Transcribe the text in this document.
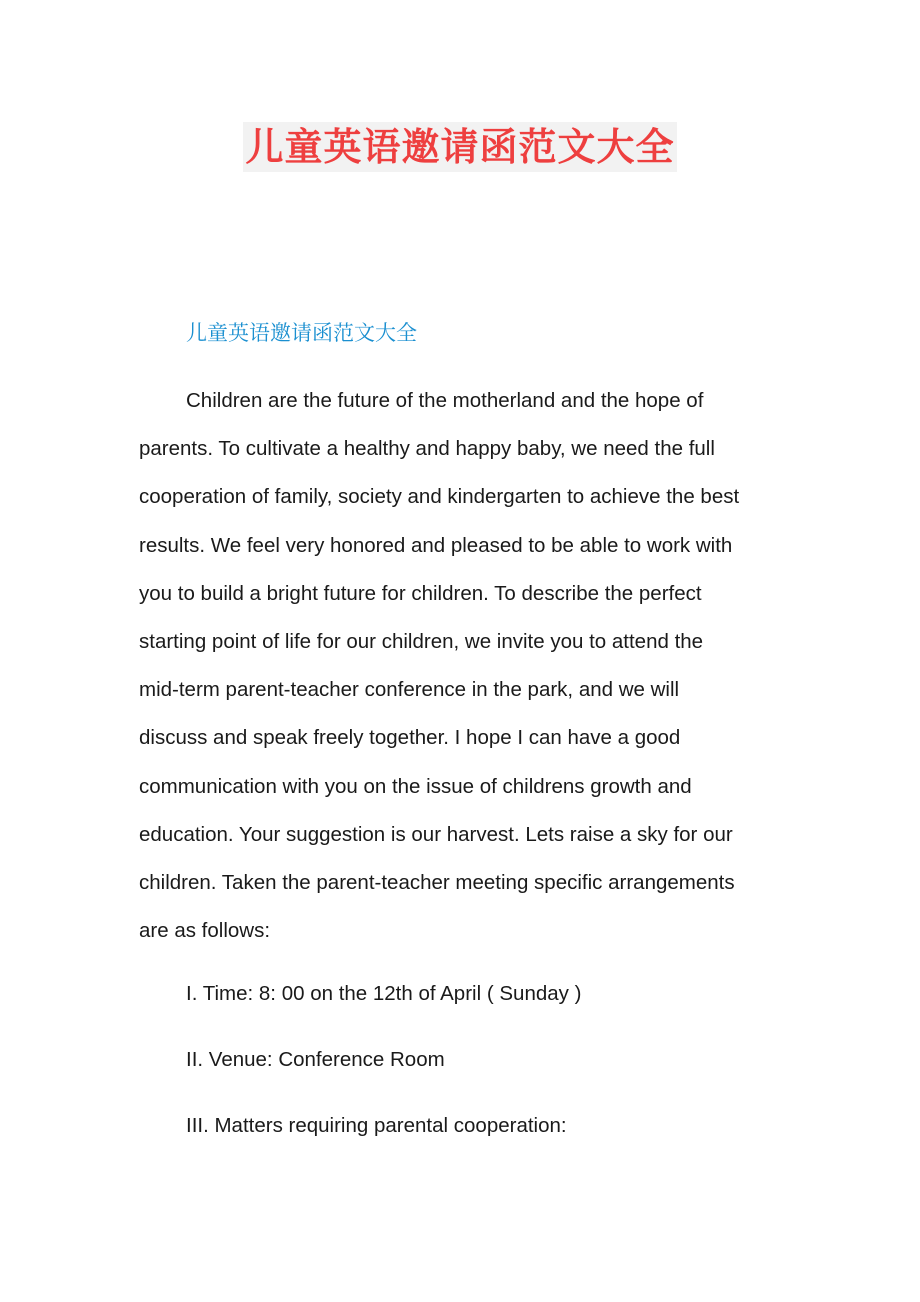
儿童英语邀请函范文大全
儿童英语邀请函范文大全
Children are the future of the motherland and the hope of
parents. To cultivate a healthy and happy baby, we need the full
cooperation of family, society and kindergarten to achieve the best
results. We feel very honored and pleased to be able to work with
you to build a bright future for children. To describe the perfect
starting point of life for our children, we invite you to attend the
mid-term parent-teacher conference in the park, and we will
discuss and speak freely together. I hope I can have a good
communication with you on the issue of childrens growth and
education. Your suggestion is our harvest. Lets raise a sky for our
children. Taken the parent-teacher meeting specific arrangements
are as follows:
I. Time: 8: 00 on the 12th of April ( Sunday )
II. Venue: Conference Room
III. Matters requiring parental cooperation:
